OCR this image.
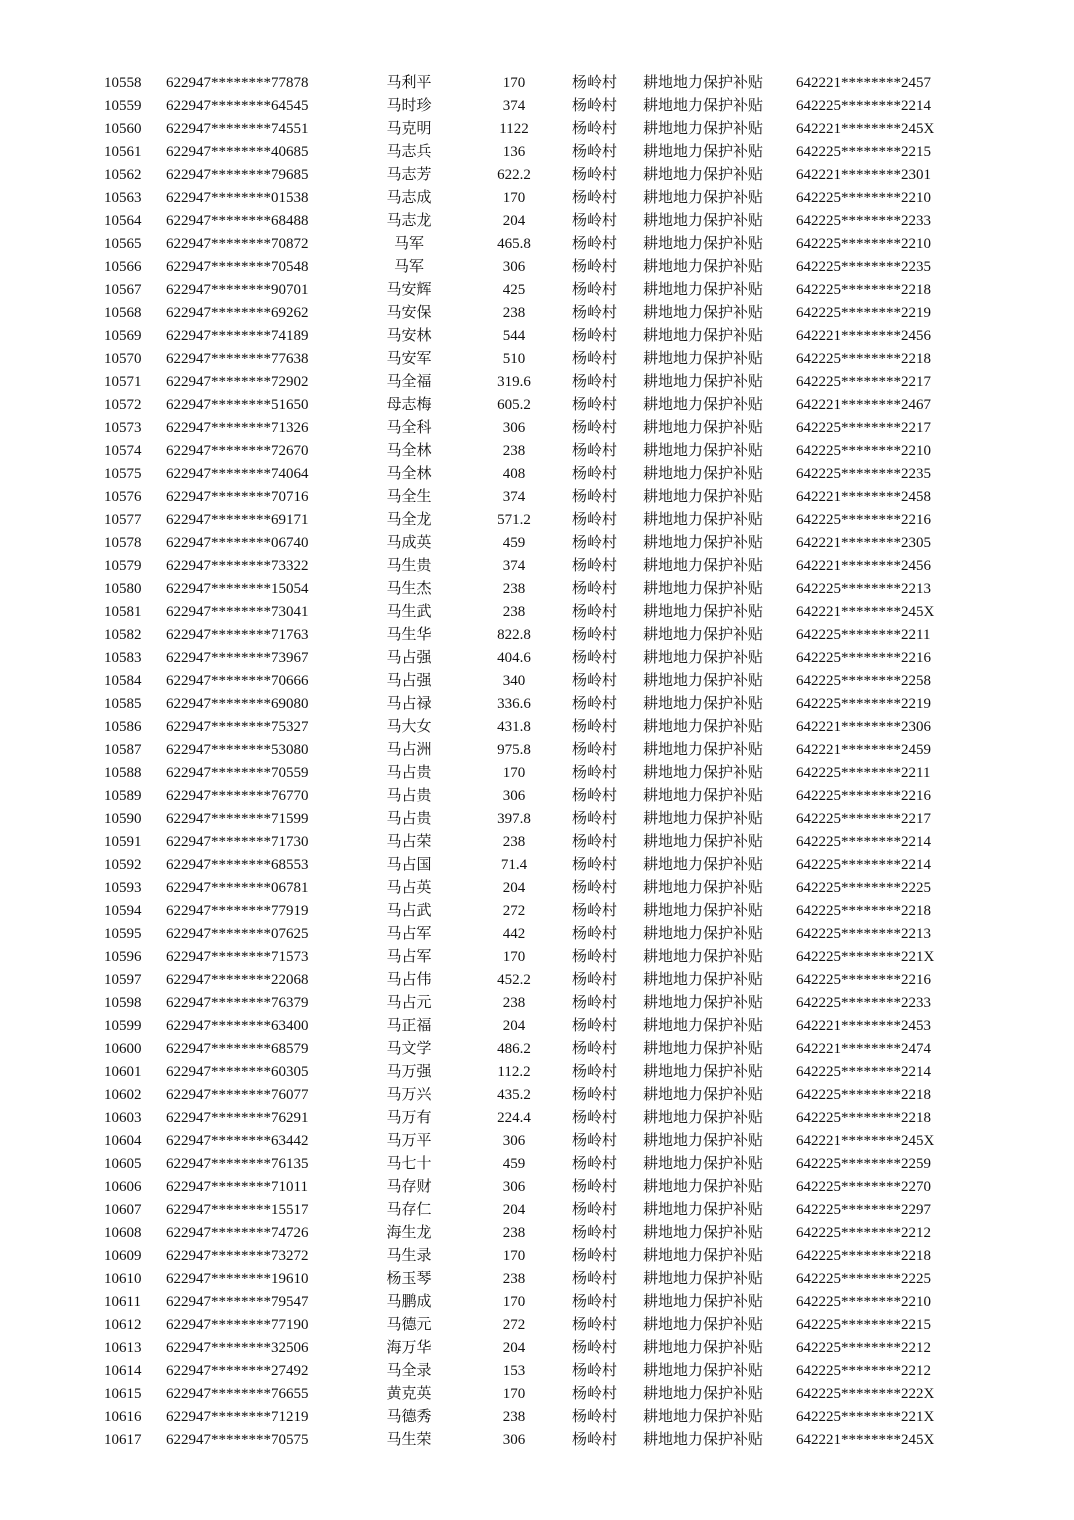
10558 622947********77878	马利平	170	杨岭村 耕地地力保护补贴 642221********2457
10559 622947********64545	马时珍	374	杨岭村 耕地地力保护补贴 642225********2214
10560 622947********74551	马克明	1122	杨岭村 耕地地力保护补贴 642221********245X
10561 622947********40685	马志兵	136	杨岭村 耕地地力保护补贴 642225********2215
10562 622947********79685	马志芳	622.2	杨岭村 耕地地力保护补贴 642221********2301
10563 622947********01538	马志成	170	杨岭村 耕地地力保护补贴 642225********2210
10564 622947********68488	马志龙	204	杨岭村 耕地地力保护补贴 642225********2233
10565 622947********70872	马军	465.8	杨岭村 耕地地力保护补贴 642225********2210
10566 622947********70548	马军	306	杨岭村 耕地地力保护补贴 642225********2235
10567 622947********90701	马安辉	425	杨岭村 耕地地力保护补贴 642225********2218
10568 622947********69262	马安保	238	杨岭村 耕地地力保护补贴 642225********2219
10569 622947********74189	马安林	544	杨岭村 耕地地力保护补贴 642221********2456
10570 622947********77638	马安军	510	杨岭村 耕地地力保护补贴 642225********2218
10571 622947********72902	马全福	319.6	杨岭村 耕地地力保护补贴 642225********2217
10572 622947********51650	母志梅	605.2	杨岭村 耕地地力保护补贴 642221********2467
10573 622947********71326	马全科	306	杨岭村 耕地地力保护补贴 642225********2217
10574 622947********72670	马全林	238	杨岭村 耕地地力保护补贴 642225********2210
10575 622947********74064	马全林	408	杨岭村 耕地地力保护补贴 642225********2235
10576 622947********70716	马全生	374	杨岭村 耕地地力保护补贴 642221********2458
10577 622947********69171	马全龙	571.2	杨岭村 耕地地力保护补贴 642225********2216
10578 622947********06740	马成英	459	杨岭村 耕地地力保护补贴 642221********2305
10579 622947********73322	马生贵	374	杨岭村 耕地地力保护补贴 642221********2456
10580 622947********15054	马生杰	238	杨岭村 耕地地力保护补贴 642225********2213
10581 622947********73041	马生武	238	杨岭村 耕地地力保护补贴 642221********245X
10582 622947********71763	马生华	822.8	杨岭村 耕地地力保护补贴 642225********2211
10583 622947********73967	马占强	404.6	杨岭村 耕地地力保护补贴 642225********2216
10584 622947********70666	马占强	340	杨岭村 耕地地力保护补贴 642225********2258
10585 622947********69080	马占禄	336.6	杨岭村 耕地地力保护补贴 642225********2219
10586 622947********75327	马大女	431.8	杨岭村 耕地地力保护补贴 642221********2306
10587 622947********53080	马占洲	975.8	杨岭村 耕地地力保护补贴 642221********2459
10588 622947********70559	马占贵	170	杨岭村 耕地地力保护补贴 642225********2211
10589 622947********76770	马占贵	306	杨岭村 耕地地力保护补贴 642225********2216
10590 622947********71599	马占贵	397.8	杨岭村 耕地地力保护补贴 642225********2217
10591 622947********71730	马占荣	238	杨岭村 耕地地力保护补贴 642225********2214
10592 622947********68553	马占国	71.4	杨岭村 耕地地力保护补贴 642225********2214
10593 622947********06781	马占英	204	杨岭村 耕地地力保护补贴 642225********2225
10594 622947********77919	马占武	272	杨岭村 耕地地力保护补贴 642225********2218
10595 622947********07625	马占军	442	杨岭村 耕地地力保护补贴 642225********2213
10596 622947********71573	马占军	170	杨岭村 耕地地力保护补贴 642225********221X
10597 622947********22068	马占伟	452.2	杨岭村 耕地地力保护补贴 642225********2216
10598 622947********76379	马占元	238	杨岭村 耕地地力保护补贴 642225********2233
10599 622947********63400	马正福	204	杨岭村 耕地地力保护补贴 642221********2453
10600 622947********68579	马文学	486.2	杨岭村 耕地地力保护补贴 642221********2474
10601 622947********60305	马万强	112.2	杨岭村 耕地地力保护补贴 642225********2214
10602 622947********76077	马万兴	435.2	杨岭村 耕地地力保护补贴 642225********2218
10603 622947********76291	马万有	224.4	杨岭村 耕地地力保护补贴 642225********2218
10604 622947********63442	马万平	306	杨岭村 耕地地力保护补贴 642221********245X
10605 622947********76135	马七十	459	杨岭村 耕地地力保护补贴 642225********2259
10606 622947********71011	马存财	306	杨岭村 耕地地力保护补贴 642225********2270
10607 622947********15517	马存仁	204	杨岭村 耕地地力保护补贴 642225********2297
10608 622947********74726	海生龙	238	杨岭村 耕地地力保护补贴 642225********2212
10609 622947********73272	马生录	170	杨岭村 耕地地力保护补贴 642225********2218
10610 622947********19610	杨玉琴	238	杨岭村 耕地地力保护补贴 642225********2225
10611 622947********79547	马鹏成	170	杨岭村 耕地地力保护补贴 642225********2210
10612 622947********77190	马德元	272	杨岭村 耕地地力保护补贴 642225********2215
10613 622947********32506	海万华	204	杨岭村 耕地地力保护补贴 642225********2212
10614 622947********27492	马全录	153	杨岭村 耕地地力保护补贴 642225********2212
10615 622947********76655	黄克英	170	杨岭村 耕地地力保护补贴 642225********222X
10616 622947********71219	马德秀	238	杨岭村 耕地地力保护补贴 642225********221X
10617 622947********70575	马生荣	306	杨岭村 耕地地力保护补贴 642221********245X
